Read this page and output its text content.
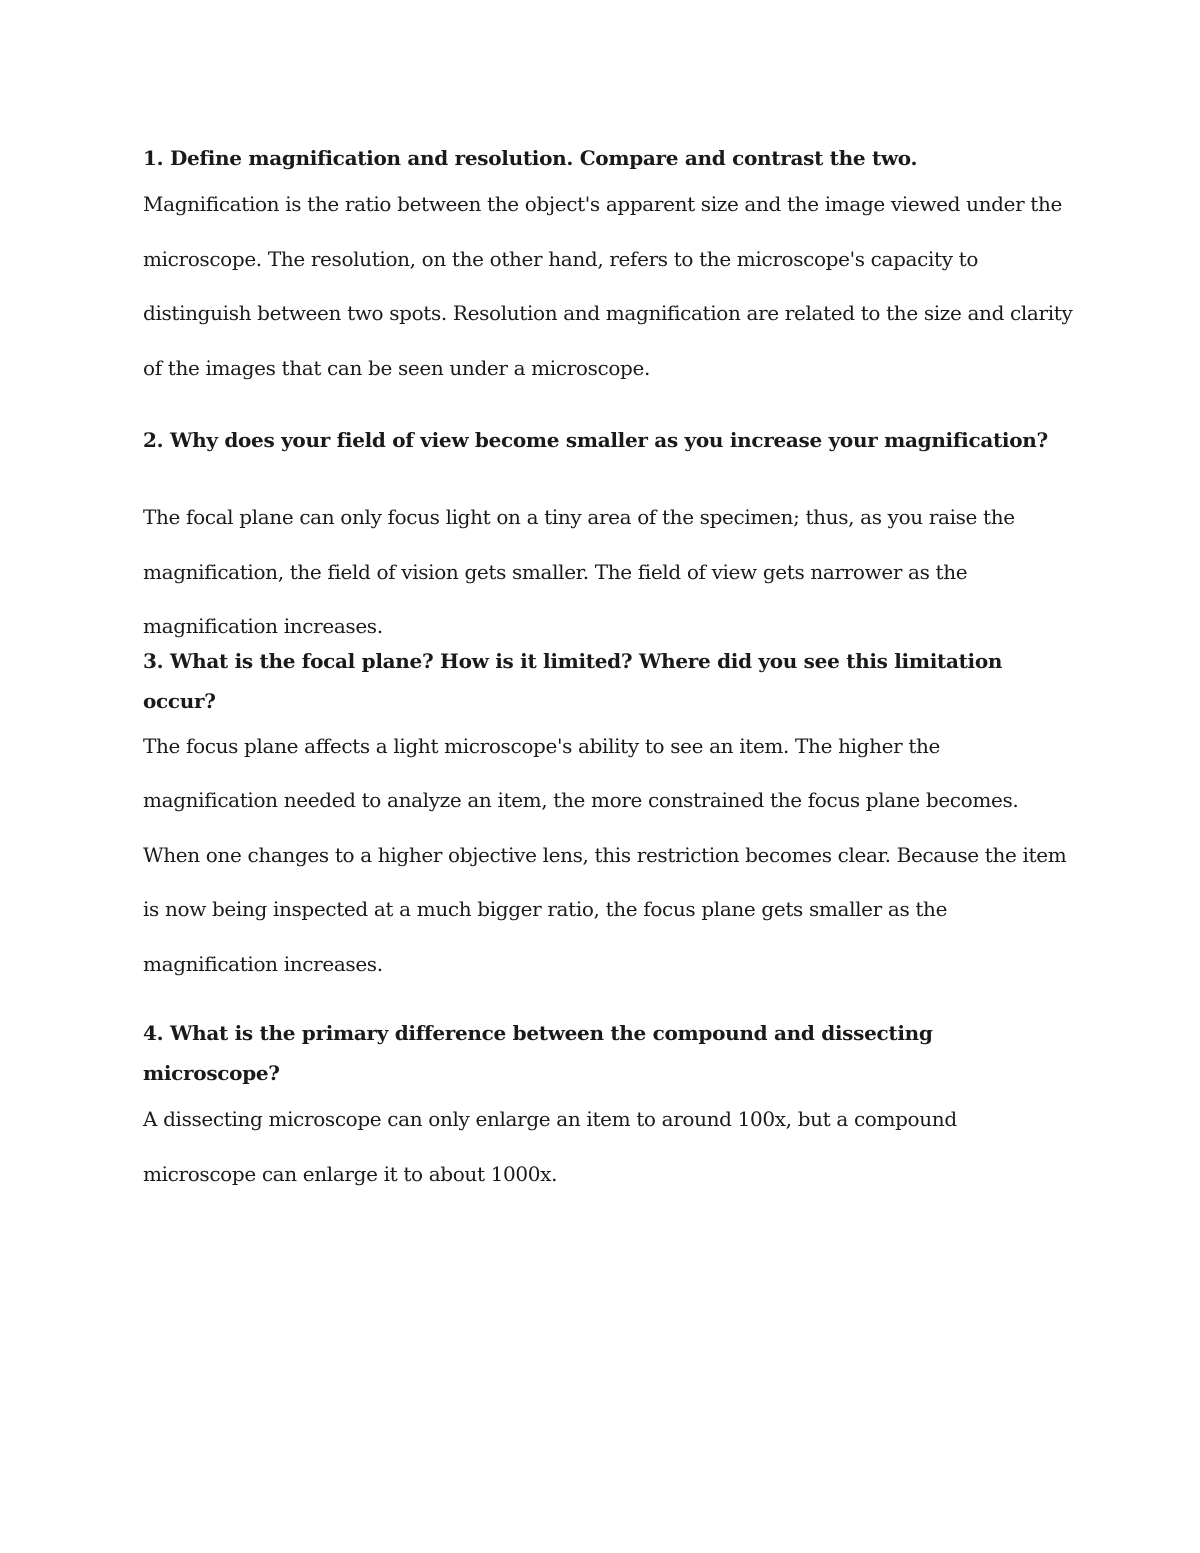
1. Define magnification and resolution. Compare and contrast the two.

Magnification is the ratio between the object's apparent size and the image viewed under the microscope. The resolution, on the other hand, refers to the microscope's capacity to distinguish between two spots. Resolution and magnification are related to the size and clarity of the images that can be seen under a microscope.

2. Why does your field of view become smaller as you increase your magnification?

The focal plane can only focus light on a tiny area of the specimen; thus, as you raise the magnification, the field of vision gets smaller. The field of view gets narrower as the magnification increases.

3. What is the focal plane? How is it limited? Where did you see this limitation occur?

The focus plane affects a light microscope's ability to see an item. The higher the magnification needed to analyze an item, the more constrained the focus plane becomes. When one changes to a higher objective lens, this restriction becomes clear. Because the item is now being inspected at a much bigger ratio, the focus plane gets smaller as the magnification increases.

4. What is the primary difference between the compound and dissecting microscope?

A dissecting microscope can only enlarge an item to around 100x, but a compound microscope can enlarge it to about 1000x.
